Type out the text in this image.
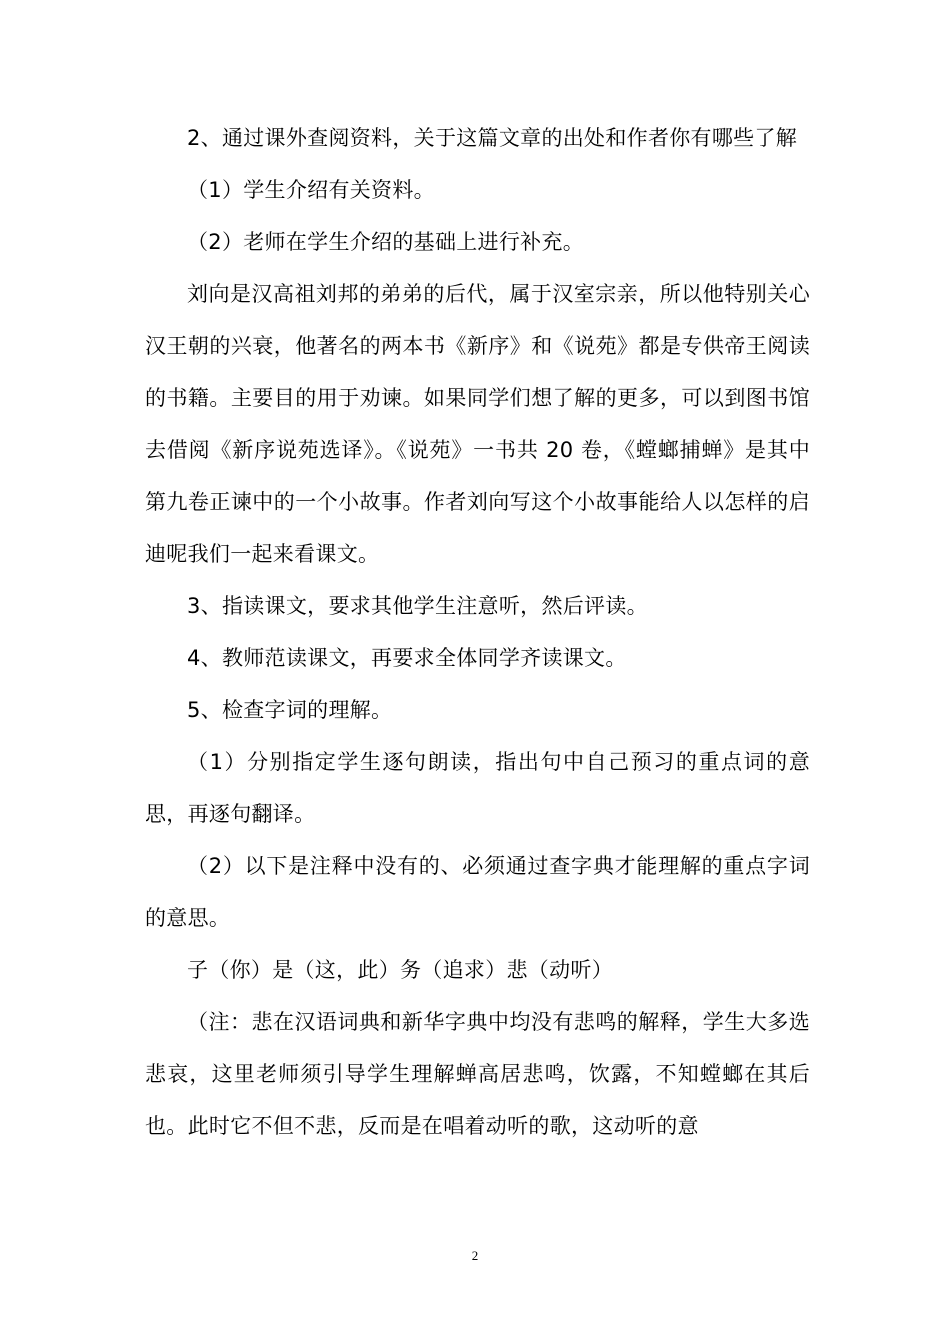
2、通过课外查阅资料，关于这篇文章的出处和作者你有哪些了解

（1）学生介绍有关资料。

（2）老师在学生介绍的基础上进行补充。

刘向是汉高祖刘邦的弟弟的后代，属于汉室宗亲，所以他特别关心汉王朝的兴衰，他著名的两本书《新序》和《说苑》都是专供帝王阅读的书籍。主要目的用于劝谏。如果同学们想了解的更多，可以到图书馆去借阅《新序说苑选译》。《说苑》一书共 20 卷，《螳螂捕蝉》是其中第九卷正谏中的一个小故事。作者刘向写这个小故事能给人以怎样的启迪呢我们一起来看课文。

3、指读课文，要求其他学生注意听，然后评读。

4、教师范读课文，再要求全体同学齐读课文。

5、检查字词的理解。

（1）分别指定学生逐句朗读，指出句中自己预习的重点词的意思，再逐句翻译。

（2）以下是注释中没有的、必须通过查字典才能理解的重点字词的意思。

子（你）是（这，此）务（追求）悲（动听）

（注：悲在汉语词典和新华字典中均没有悲鸣的解释，学生大多选悲哀，这里老师须引导学生理解蝉高居悲鸣，饮露，不知螳螂在其后也。此时它不但不悲，反而是在唱着动听的歌，这动听的意

2
